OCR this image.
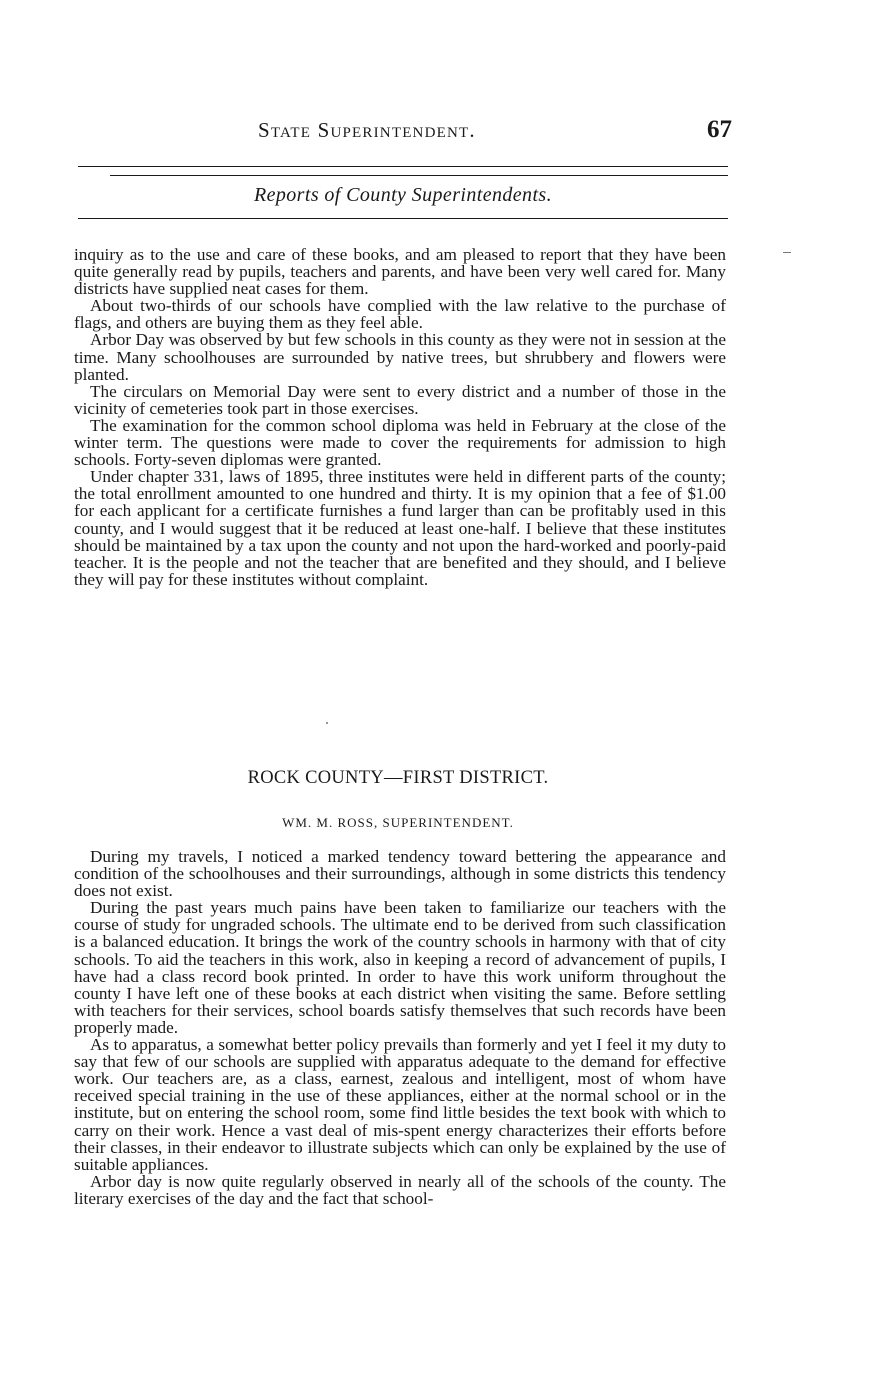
State Superintendent.	67
Reports of County Superintendents.

inquiry as to the use and care of these books, and am pleased to report that they have been quite generally read by pupils, teachers and parents, and have been very well cared for. Many districts have supplied neat cases for them.

About two-thirds of our schools have complied with the law relative to the purchase of flags, and others are buying them as they feel able.

Arbor Day was observed by but few schools in this county as they were not in session at the time. Many schoolhouses are surrounded by native trees, but shrubbery and flowers were planted.

The circulars on Memorial Day were sent to every district and a number of those in the vicinity of cemeteries took part in those exercises.

The examination for the common school diploma was held in February at the close of the winter term. The questions were made to cover the requirements for admission to high schools. Forty-seven diplomas were granted.

Under chapter 331, laws of 1895, three institutes were held in different parts of the county; the total enrollment amounted to one hundred and thirty. It is my opinion that a fee of $1.00 for each applicant for a certificate furnishes a fund larger than can be profitably used in this county, and I would suggest that it be reduced at least one-half. I believe that these institutes should be maintained by a tax upon the county and not upon the hard-worked and poorly-paid teacher. It is the people and not the teacher that are benefited and they should, and I believe they will pay for these institutes without complaint.

ROCK COUNTY—FIRST DISTRICT.
WM. M. ROSS, SUPERINTENDENT.

During my travels, I noticed a marked tendency toward bettering the appearance and condition of the schoolhouses and their surroundings, although in some districts this tendency does not exist.

During the past years much pains have been taken to familiarize our teachers with the course of study for ungraded schools. The ultimate end to be derived from such classification is a balanced education. It brings the work of the country schools in harmony with that of city schools. To aid the teachers in this work, also in keeping a record of advancement of pupils, I have had a class record book printed. In order to have this work uniform throughout the county I have left one of these books at each district when visiting the same. Before settling with teachers for their services, school boards satisfy themselves that such records have been properly made.

As to apparatus, a somewhat better policy prevails than formerly and yet I feel it my duty to say that few of our schools are supplied with apparatus adequate to the demand for effective work. Our teachers are, as a class, earnest, zealous and intelligent, most of whom have received special training in the use of these appliances, either at the normal school or in the institute, but on entering the school room, some find little besides the text book with which to carry on their work. Hence a vast deal of mis-spent energy characterizes their efforts before their classes, in their endeavor to illustrate subjects which can only be explained by the use of suitable appliances.

Arbor day is now quite regularly observed in nearly all of the schools of the county. The literary exercises of the day and the fact that school-
